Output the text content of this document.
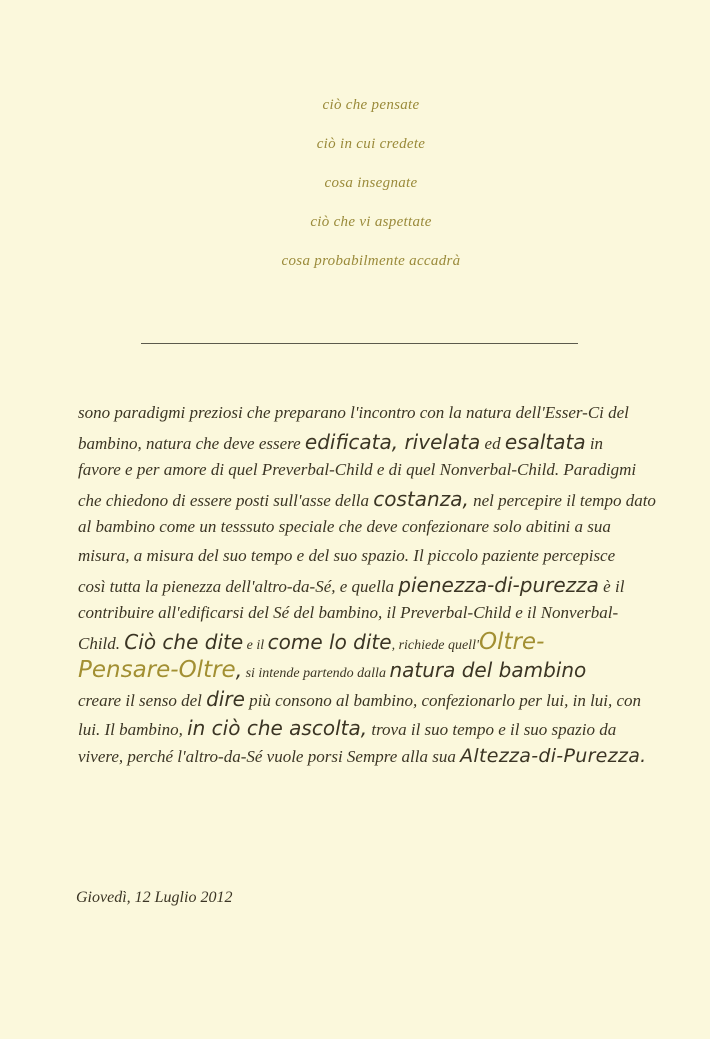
ciò che pensate
ciò in cui credete
cosa insegnate
ciò che vi aspettate
cosa probabilmente accadrà
sono paradigmi preziosi che preparano l'incontro con la natura dell'Esser-Ci del
bambino, natura che deve essere edificata, rivelata ed esaltata in
favore e per amore di quel Preverbal-Child e di quel Nonverbal-Child. Paradigmi
che chiedono di essere posti sull'asse della costanza, nel percepire il tempo dato
al bambino come un tesssuto speciale che deve confezionare solo abitini a sua
misura, a misura del suo tempo e del suo spazio. Il piccolo paziente percepisce
così tutta la pienezza dell'altro-da-Sé, e quella pienezza-di-purezza è il
contribuire all'edificarsi del Sé del bambino, il Preverbal-Child e il Nonverbal-
Child. Ciò che dite e il come lo dite, richiede quell'Oltre-
Pensare-Oltre, si intende partendo dalla natura del bambino
creare il senso del dire più consono al bambino, confezionarlo per lui, in lui, con
lui. Il bambino, in ciò che ascolta, trova il suo tempo e il suo spazio da
vivere, perché l'altro-da-Sé vuole porsi Sempre alla sua Altezza-di-Purezza.
Giovedì, 12 Luglio 2012
